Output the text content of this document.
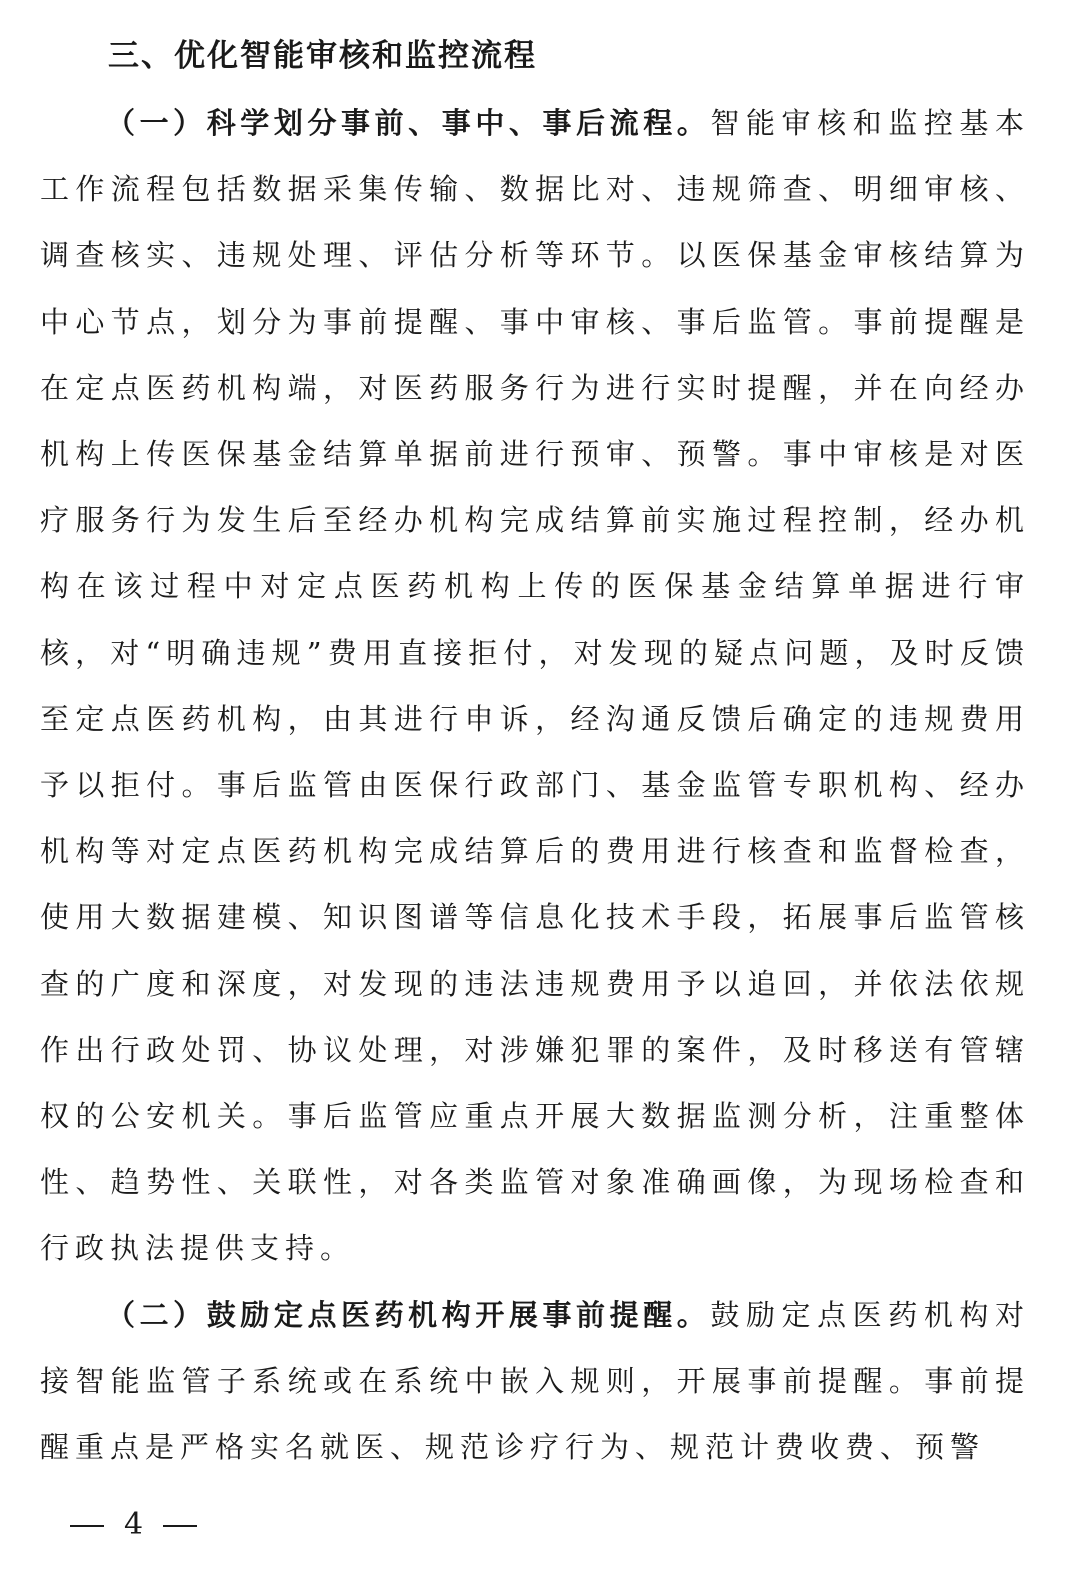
三、优化智能审核和监控流程

（一）科学划分事前、事中、事后流程。智能审核和监控基本工作流程包括数据采集传输、数据比对、违规筛查、明细审核、调查核实、违规处理、评估分析等环节。以医保基金审核结算为中心节点，划分为事前提醒、事中审核、事后监管。事前提醒是在定点医药机构端，对医药服务行为进行实时提醒，并在向经办机构上传医保基金结算单据前进行预审、预警。事中审核是对医疗服务行为发生后至经办机构完成结算前实施过程控制，经办机构在该过程中对定点医药机构上传的医保基金结算单据进行审核，对“明确违规”费用直接拒付，对发现的疑点问题，及时反馈至定点医药机构，由其进行申诉，经沟通反馈后确定的违规费用予以拒付。事后监管由医保行政部门、基金监管专职机构、经办机构等对定点医药机构完成结算后的费用进行核查和监督检查，使用大数据建模、知识图谱等信息化技术手段，拓展事后监管核查的广度和深度，对发现的违法违规费用予以追回，并依法依规作出行政处罚、协议处理，对涉嫌犯罪的案件，及时移送有管辖权的公安机关。事后监管应重点开展大数据监测分析，注重整体性、趋势性、关联性，对各类监管对象准确画像，为现场检查和行政执法提供支持。

（二）鼓励定点医药机构开展事前提醒。鼓励定点医药机构对接智能监管子系统或在系统中嵌入规则，开展事前提醒。事前提醒重点是严格实名就医、规范诊疗行为、规范计费收费、预警

4
